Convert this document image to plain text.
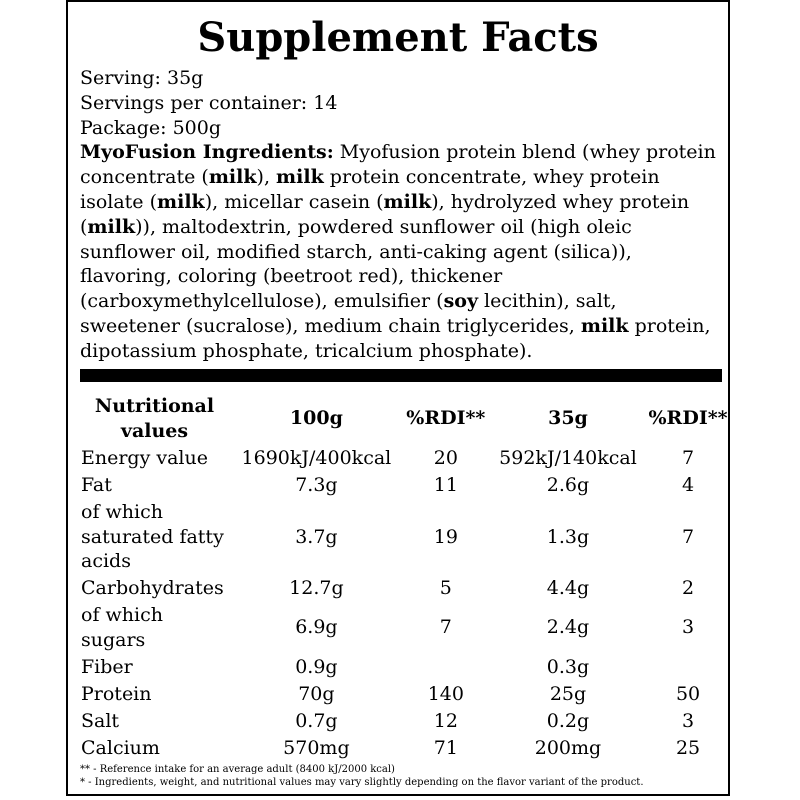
Supplement Facts
Serving: 35g
Servings per container: 14
Package: 500g
MyoFusion Ingredients: Myofusion protein blend (whey protein concentrate (milk), milk protein concentrate, whey protein isolate (milk), micellar casein (milk), hydrolyzed whey protein (milk)), maltodextrin, powdered sunflower oil (high oleic sunflower oil, modified starch, anti-caking agent (silica)), flavoring, coloring (beetroot red), thickener (carboxymethylcellulose), emulsifier (soy lecithin), salt, sweetener (sucralose), medium chain triglycerides, milk protein, dipotassium phosphate, tricalcium phosphate).
Nutritional values	100g	%RDI**	35g	%RDI**
Energy value	1690kJ/400kcal	20	592kJ/140kcal	7
Fat	7.3g	11	2.6g	4
of which saturated fatty acids	3.7g	19	1.3g	7
Carbohydrates	12.7g	5	4.4g	2
of which sugars	6.9g	7	2.4g	3
Fiber	0.9g		0.3g	
Protein	70g	140	25g	50
Salt	0.7g	12	0.2g	3
Calcium	570mg	71	200mg	25
** - Reference intake for an average adult (8400 kJ/2000 kcal)
* - Ingredients, weight, and nutritional values may vary slightly depending on the flavor variant of the product.
